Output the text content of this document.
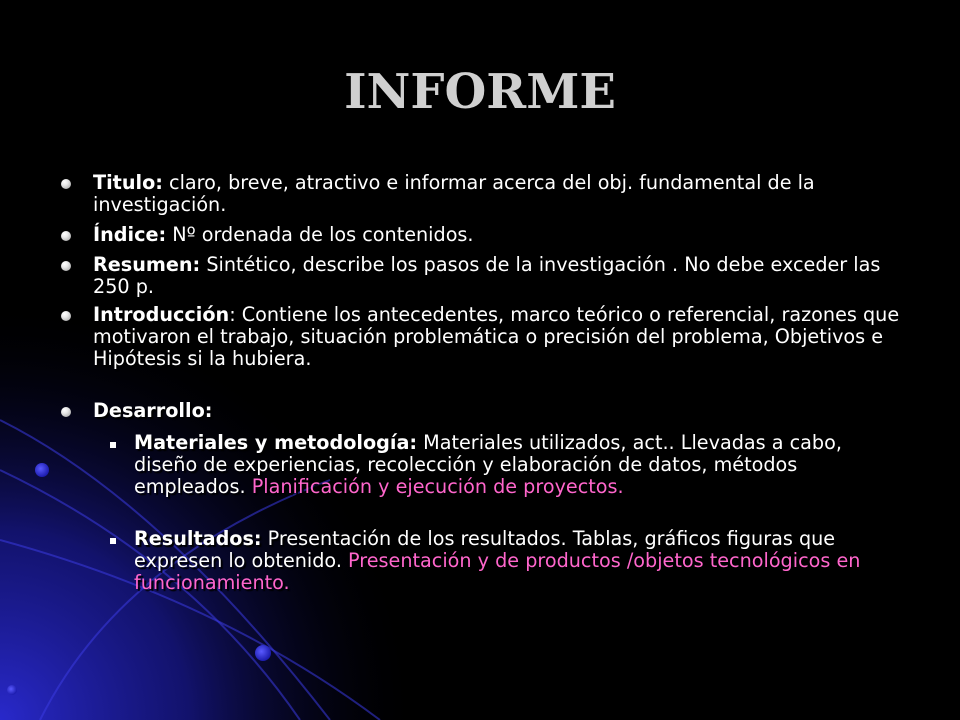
INFORME
Titulo: claro, breve, atractivo e informar acerca del obj. fundamental de la investigación.
Índice: Nº ordenada de los contenidos.
Resumen: Sintético, describe los pasos de la investigación . No debe exceder las 250 p.
Introducción: Contiene los antecedentes, marco teórico o referencial, razones que motivaron el trabajo, situación problemática o precisión del problema, Objetivos e Hipótesis si la hubiera.
Desarrollo:
Materiales y metodología: Materiales utilizados, act.. Llevadas a cabo, diseño de experiencias, recolección y elaboración de datos, métodos empleados. Planificación y ejecución de proyectos.
Resultados: Presentación de los resultados. Tablas, gráficos figuras que expresen lo obtenido. Presentación y de productos /objetos tecnológicos en funcionamiento.
